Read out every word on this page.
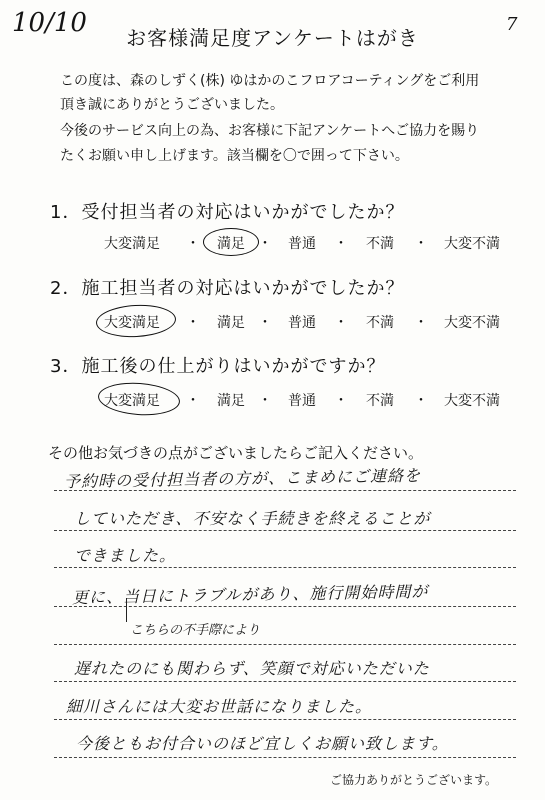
10/10	7
お客様満足度アンケートはがき
この度は、森のしずく(株) ゆはかのこフロアコーティングをご利用
頂き誠にありがとうございました。
今後のサービス向上の為、お客様に下記アンケートへご協力を賜り
たくお願い申し上げます。該当欄を〇で囲って下さい。
1．受付担当者の対応はいかがでしたか？
大変満足 ・ 満足 ・ 普通 ・ 不満 ・ 大変不満
2．施工担当者の対応はいかがでしたか？
大変満足 ・ 満足 ・ 普通 ・ 不満 ・ 大変不満
3．施工後の仕上がりはいかがですか？
大変満足 ・ 満足 ・ 普通 ・ 不満 ・ 大変不満
その他お気づきの点がございましたらご記入ください。
予約時の受付担当者の方が、こまめにご連絡を
していただき、不安なく手続きを終えることが
できました。
更に、当日にトラブルがあり、施行開始時間が
こちらの不手際により
遅れたのにも関わらず、笑顔で対応いただいた
細川さんには大変お世話になりました。
今後ともお付合いのほど宜しくお願い致します。
ご協力ありがとうございます。
